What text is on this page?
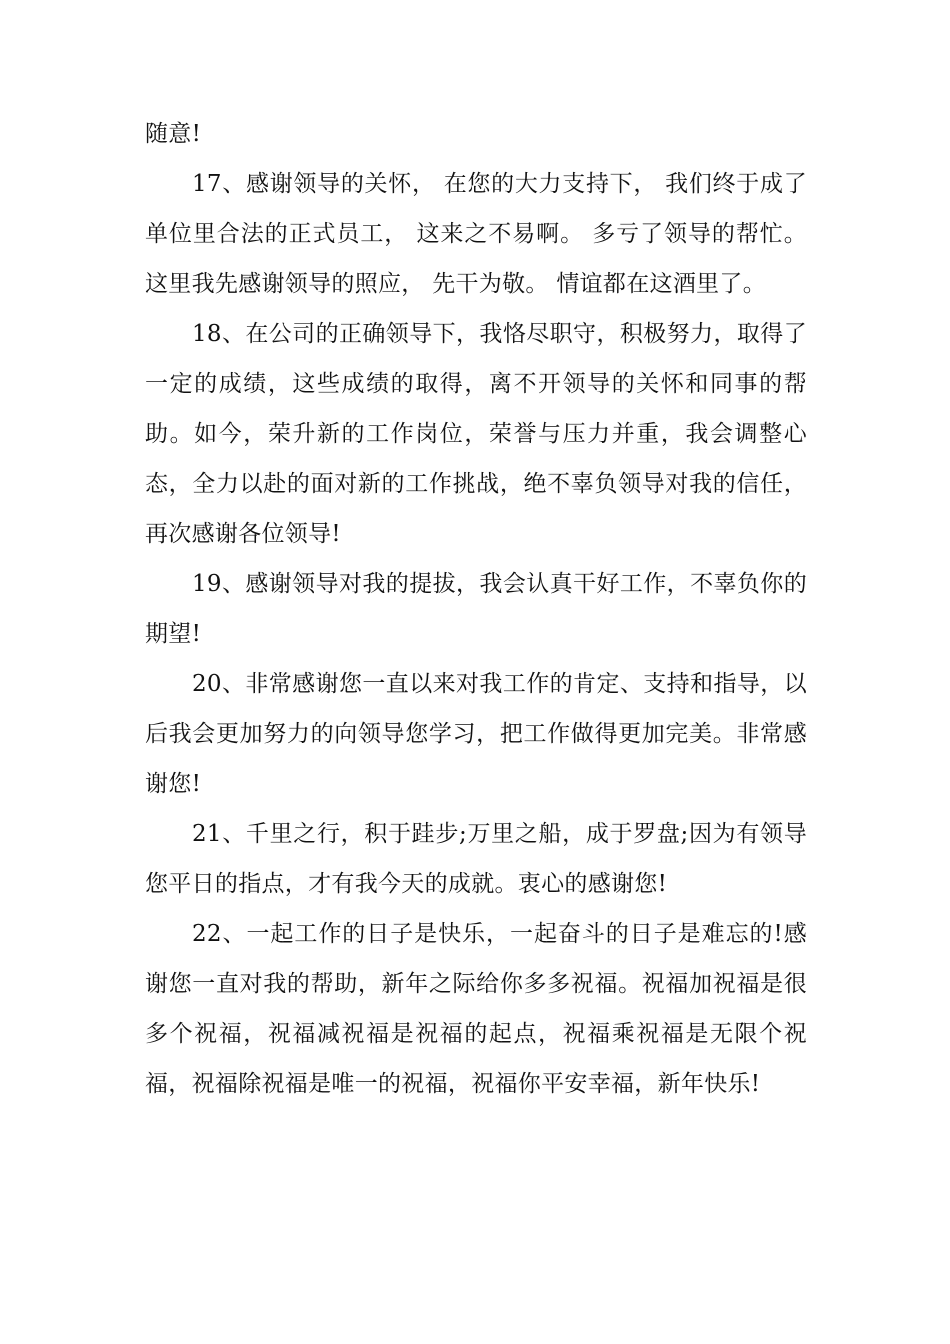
随意!

17、感谢领导的关怀， 在您的大力支持下， 我们终于成了单位里合法的正式员工， 这来之不易啊。 多亏了领导的帮忙。 这里我先感谢领导的照应， 先干为敬。 情谊都在这酒里了。

18、在公司的正确领导下，我恪尽职守，积极努力，取得了一定的成绩，这些成绩的取得，离不开领导的关怀和同事的帮助。如今，荣升新的工作岗位，荣誉与压力并重，我会调整心态，全力以赴的面对新的工作挑战，绝不辜负领导对我的信任，再次感谢各位领导!

19、感谢领导对我的提拔，我会认真干好工作，不辜负你的期望!

20、非常感谢您一直以来对我工作的肯定、支持和指导，以后我会更加努力的向领导您学习，把工作做得更加完美。非常感谢您!

21、千里之行，积于跬步;万里之船，成于罗盘;因为有领导您平日的指点，才有我今天的成就。衷心的感谢您!

22、一起工作的日子是快乐，一起奋斗的日子是难忘的!感谢您一直对我的帮助，新年之际给你多多祝福。祝福加祝福是很多个祝福，祝福减祝福是祝福的起点，祝福乘祝福是无限个祝福，祝福除祝福是唯一的祝福，祝福你平安幸福，新年快乐!
